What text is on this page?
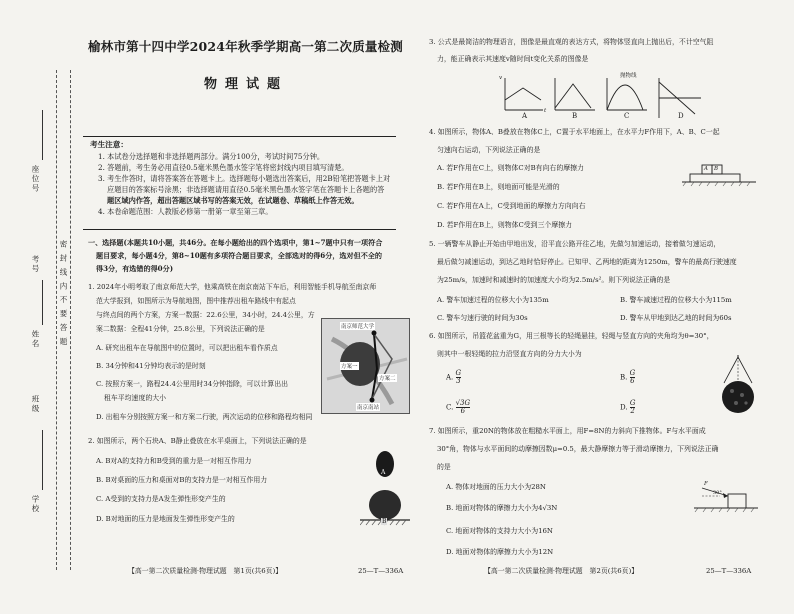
密 封 线 内 不 要 答 题
学校
班级
姓名
考号
座位号
榆林市第十四中学2024年秋季学期高一第二次质量检测
物理试题
考生注意：
1. 本试卷分选择题和非选择题两部分。满分100分，考试时间75分钟。
2. 答题前，考生务必用直径0.5毫米黑色墨水签字笔将密封线内项目填写清楚。
3. 考生作答时，请将答案答在答题卡上。选择题每小题选出答案后，用2B铅笔把答题卡上对
应题目的答案标号涂黑；非选择题请用直径0.5毫米黑色墨水签字笔在答题卡上各题的答
题区域内作答，超出答题区域书写的答案无效，在试题卷、草稿纸上作答无效。
4. 本卷命题范围：人教版必修第一册第一章至第三章。
一、选择题(本题共10小题，共46分。在每小题给出的四个选项中，第1~7题中只有一项符合
题目要求，每小题4分，第8~10题有多项符合题目要求，全部选对的得6分，选对但不全的
得3分，有选错的得0分)
1. 2024年小明考取了南京师范大学，他乘高铁在南京南站下车后，利用智能手机导航至南京师
范大学报到，如图所示为导航地图，图中推荐出租车路线中有起点
与终点间的两个方案，方案一数据：22.6公里，34小时，24.4公里，方
案二数据：全程41分钟，25.8公里，下列说法正确的是
A. 研究出租车在导航图中的位置时，可以把出租车看作质点
B. 34分钟和41分钟均表示的是时刻
C. 按照方案一，路程24.4公里用时34分钟指除，可以计算出出
租车平均速度的大小
D. 出租车分别按照方案一和方案二行驶，两次运动的位移和路程均相同
南京师范大学
方案一
方案二
南京南站
2. 如图所示，两个石块A、B静止叠放在水平桌面上，下列说法正确的是
A. B对A的支持力和B受到的重力是一对相互作用力
B. B对桌面的压力和桌面对B的支持力是一对相互作用力
C. A受到的支持力是A发生弹性形变产生的
D. B对地面的压力是地面发生弹性形变产生的
A
B
【高一第二次质量检测·物理试题　第1页(共6页)】	25—T—336A
3. 公式是最简洁的物理语言，图像是最直观的表达方式，将物体竖直向上抛出后，不计空气阻
力，能正确表示其速度v随时间t变化关系的图像是
抛物线
A	B	C	D
v
t
4. 如图所示，物体A、B叠放在物体C上，C置于水平地面上，在水平力F作用下，A、B、C一起
匀速向右运动，下列说法正确的是
A. 若F作用在C上，则物体C对B有向右的摩擦力
B. 若F作用在B上，则地面可能是光滑的
C. 若F作用在A上，C受到地面的摩擦力方向向右
D. 若F作用在B上，则物体C受到三个摩擦力
A B
5. 一辆警车从静止开始由甲地出发，沿平直公路开往乙地，先做匀加速运动，接着做匀速运动，
最后做匀减速运动，到达乙地时恰好停止。已知甲、乙两地的距离为1250m，警车的最高行驶速度
为25m/s，加速时和减速时的加速度大小均为2.5m/s²。则下列说法正确的是
A. 警车加速过程的位移大小为135m	B. 警车减速过程的位移大小为115m
C. 警车匀速行驶的时间为30s	D. 警车从甲地到达乙地的时间为60s
6. 如图所示，吊篮花盆重为G，用三根等长的轻绳悬挂，轻绳与竖直方向的夹角均为θ=30°，
则其中一根轻绳的拉力沿竖直方向的分力大小为
A. $\frac{G}{3}$	B. $\frac{G}{6}$
C. $\frac{√3G}{6}$	D. $\frac{G}{2}$
7. 如图所示，重20N的物体放在粗糙水平面上，用F=8N的力斜向下推物体。F与水平面成
30°角，物体与水平面间的动摩擦因数μ=0.5，最大静摩擦力等于滑动摩擦力，下列说法正确
的是
A. 物体对地面的压力大小为28N
B. 地面对物体的摩擦力大小为4√3N
C. 地面对物体的支持力大小为16N
D. 地面对物体的摩擦力大小为12N
F
30°
【高一第二次质量检测·物理试题　第2页(共6页)】	25—T—336A
